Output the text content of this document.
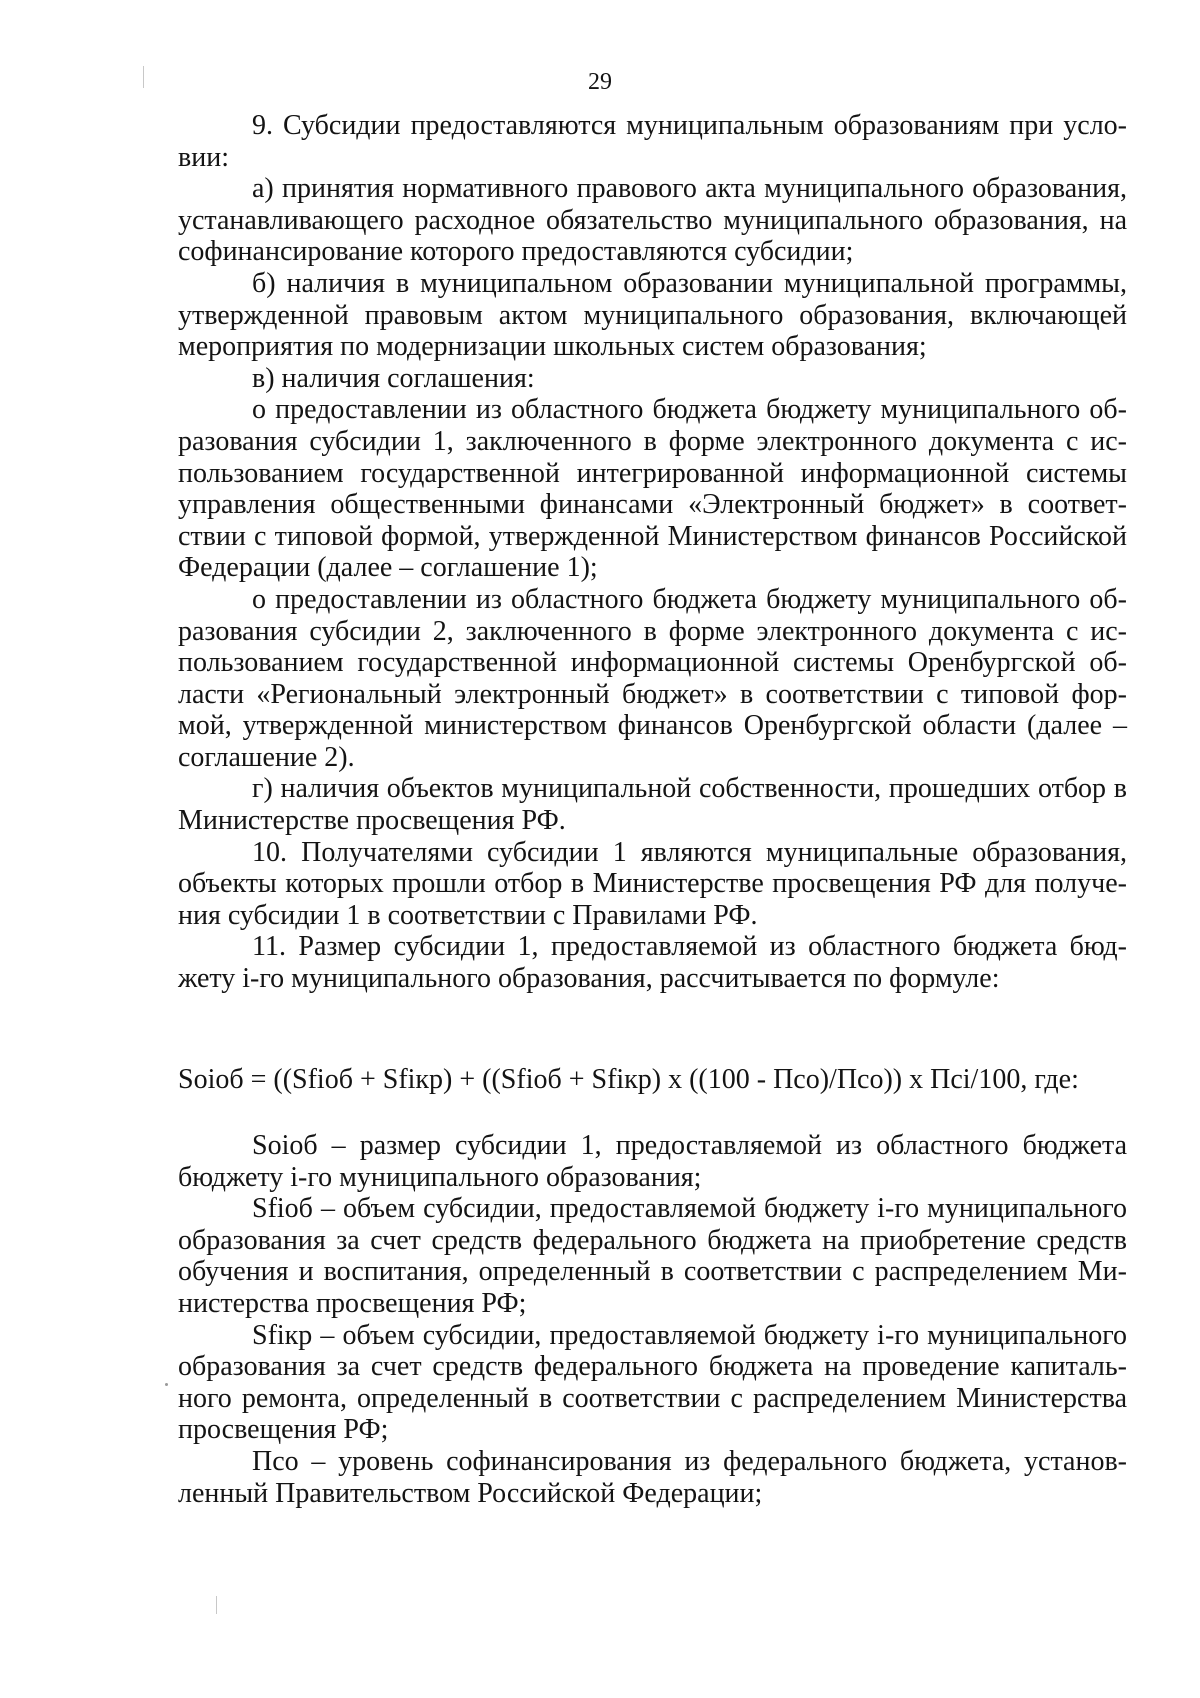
29

9. Субсидии предоставляются муниципальным образованиям при условии:

а) принятия нормативного правового акта муниципального образования, устанавливающего расходное обязательство муниципального образования, на софинансирование которого предоставляются субсидии;

б) наличия в муниципальном образовании муниципальной программы, утвержденной правовым актом муниципального образования, включающей мероприятия по модернизации школьных систем образования;

в) наличия соглашения:

о предоставлении из областного бюджета бюджету муниципального образования субсидии 1, заключенного в форме электронного документа с использованием государственной интегрированной информационной системы управления общественными финансами «Электронный бюджет» в соответствии с типовой формой, утвержденной Министерством финансов Российской Федерации (далее – соглашение 1);

о предоставлении из областного бюджета бюджету муниципального образования субсидии 2, заключенного в форме электронного документа с использованием государственной информационной системы Оренбургской области «Региональный электронный бюджет» в соответствии с типовой формой, утвержденной министерством финансов Оренбургской области (далее – соглашение 2).

г) наличия объектов муниципальной собственности, прошедших отбор в Министерстве просвещения РФ.

10. Получателями субсидии 1 являются муниципальные образования, объекты которых прошли отбор в Министерстве просвещения РФ для получения субсидии 1 в соответствии с Правилами РФ.

11. Размер субсидии 1, предоставляемой из областного бюджета бюджету i-го муниципального образования, рассчитывается по формуле:

Soiоб = ((Sfiоб + Sfiкр) + ((Sfiоб + Sfiкр) x ((100 - Пco)/Пco)) x Пci/100, где:

Soiоб – размер субсидии 1, предоставляемой из областного бюджета бюджету i-го муниципального образования;

Sfiоб – объем субсидии, предоставляемой бюджету i-го муниципального образования за счет средств федерального бюджета на приобретение средств обучения и воспитания, определенный в соответствии с распределением Министерства просвещения РФ;

Sfiкр – объем субсидии, предоставляемой бюджету i-го муниципального образования за счет средств федерального бюджета на проведение капитального ремонта, определенный в соответствии с распределением Министерства просвещения РФ;

Пco – уровень софинансирования из федерального бюджета, установленный Правительством Российской Федерации;
